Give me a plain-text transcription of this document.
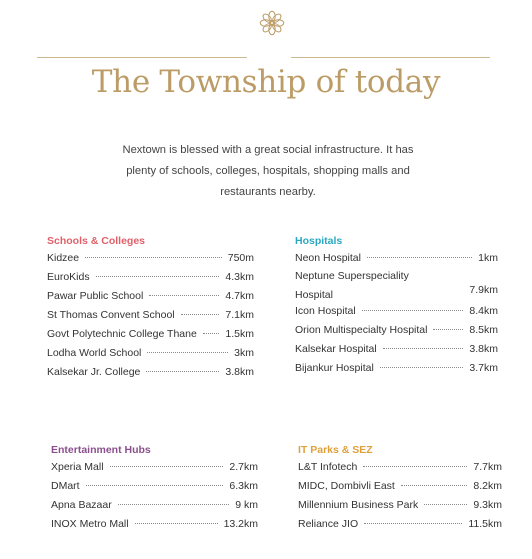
The Township of today
Nextown is blessed with a great social infrastructure. It has plenty of schools, colleges, hospitals, shopping malls and restaurants nearby.
Schools & Colleges
Kidzee	750m
EuroKids	4.3km
Pawar Public School	4.7km
St Thomas Convent School	7.1km
Govt Polytechnic College Thane	1.5km
Lodha World School	3km
Kalsekar Jr. College	3.8km
Hospitals
Neon Hospital	1km
Neptune Superspeciality Hospital	7.9km
Icon Hospital	8.4km
Orion Multispecialty Hospital	8.5km
Kalsekar Hospital	3.8km
Bijankur Hospital	3.7km
Entertainment Hubs
Xperia Mall	2.7km
DMart	6.3km
Apna Bazaar	9 km
INOX Metro Mall	13.2km
IT Parks & SEZ
L&T Infotech	7.7km
MIDC, Dombivli East	8.2km
Millennium Business Park	9.3km
Reliance JIO	11.5km
